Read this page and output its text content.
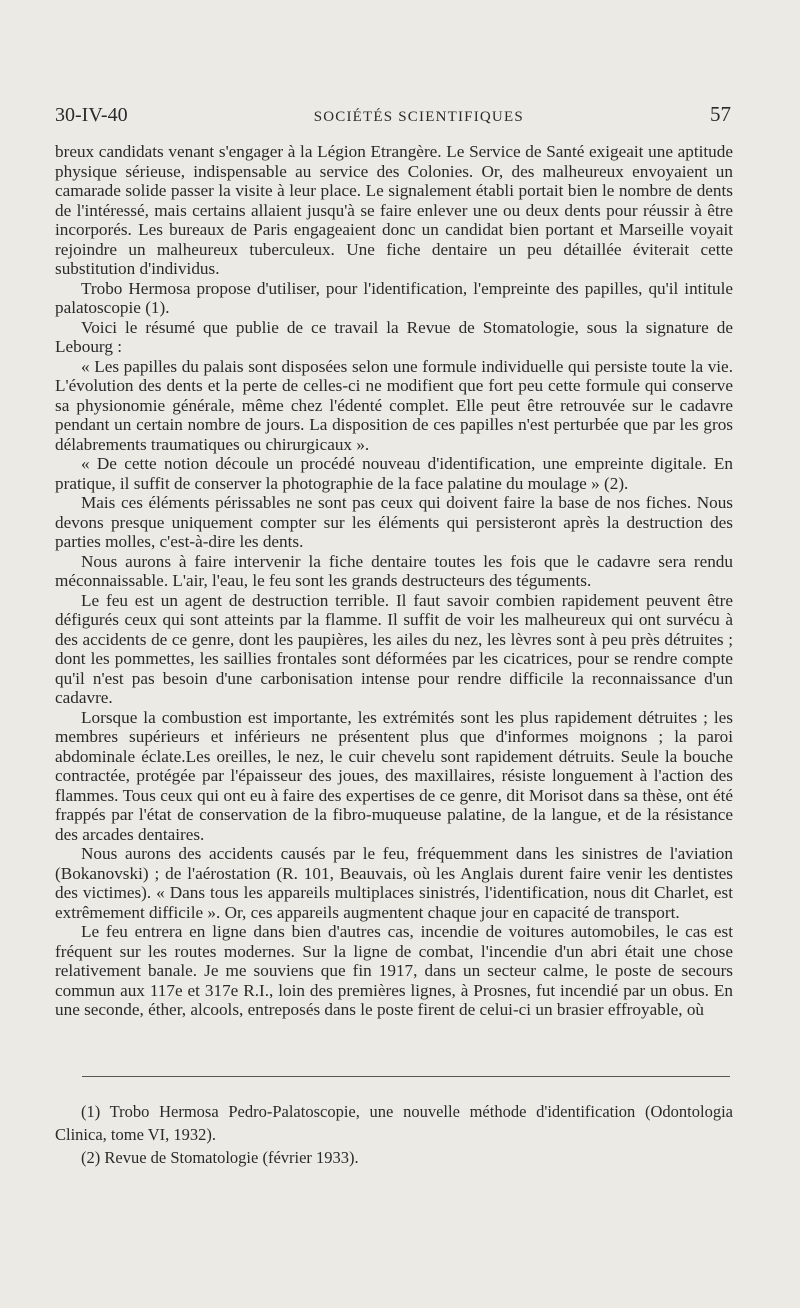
30-IV-40	SOCIÉTÉS SCIENTIFIQUES	57

breux candidats venant s'engager à la Légion Etrangère. Le Service de Santé exigeait une aptitude physique sérieuse, indispensable au service des Colonies. Or, des malheureux envoyaient un camarade solide passer la visite à leur place. Le signalement établi portait bien le nombre de dents de l'intéressé, mais certains allaient jusqu'à se faire enlever une ou deux dents pour réussir à être incorporés. Les bureaux de Paris engageaient donc un candidat bien portant et Marseille voyait rejoindre un malheureux tuberculeux. Une fiche dentaire un peu détaillée éviterait cette substitution d'individus.

Trobo Hermosa propose d'utiliser, pour l'identification, l'empreinte des papilles, qu'il intitule palatoscopie (1).

Voici le résumé que publie de ce travail la Revue de Stomatologie, sous la signature de Lebourg :

« Les papilles du palais sont disposées selon une formule individuelle qui persiste toute la vie. L'évolution des dents et la perte de celles-ci ne modifient que fort peu cette formule qui conserve sa physionomie générale, même chez l'édenté complet. Elle peut être retrouvée sur le cadavre pendant un certain nombre de jours. La disposition de ces papilles n'est perturbée que par les gros délabrements traumatiques ou chirurgicaux ».

« De cette notion découle un procédé nouveau d'identification, une empreinte digitale. En pratique, il suffit de conserver la photographie de la face palatine du moulage » (2).

Mais ces éléments périssables ne sont pas ceux qui doivent faire la base de nos fiches. Nous devons presque uniquement compter sur les éléments qui persisteront après la destruction des parties molles, c'est-à-dire les dents.

Nous aurons à faire intervenir la fiche dentaire toutes les fois que le cadavre sera rendu méconnaissable. L'air, l'eau, le feu sont les grands destructeurs des téguments.

Le feu est un agent de destruction terrible. Il faut savoir combien rapidement peuvent être défigurés ceux qui sont atteints par la flamme. Il suffit de voir les malheureux qui ont survécu à des accidents de ce genre, dont les paupières, les ailes du nez, les lèvres sont à peu près détruites ; dont les pommettes, les saillies frontales sont déformées par les cicatrices, pour se rendre compte qu'il n'est pas besoin d'une carbonisation intense pour rendre difficile la reconnaissance d'un cadavre.

Lorsque la combustion est importante, les extrémités sont les plus rapidement détruites ; les membres supérieurs et inférieurs ne présentent plus que d'informes moignons ; la paroi abdominale éclate.Les oreilles, le nez, le cuir chevelu sont rapidement détruits. Seule la bouche contractée, protégée par l'épaisseur des joues, des maxillaires, résiste longuement à l'action des flammes. Tous ceux qui ont eu à faire des expertises de ce genre, dit Morisot dans sa thèse, ont été frappés par l'état de conservation de la fibro-muqueuse palatine, de la langue, et de la résistance des arcades dentaires.

Nous aurons des accidents causés par le feu, fréquemment dans les sinistres de l'aviation (Bokanovski) ; de l'aérostation (R. 101, Beauvais, où les Anglais durent faire venir les dentistes des victimes). « Dans tous les appareils multiplaces sinistrés, l'identification, nous dit Charlet, est extrêmement difficile ». Or, ces appareils augmentent chaque jour en capacité de transport.

Le feu entrera en ligne dans bien d'autres cas, incendie de voitures automobiles, le cas est fréquent sur les routes modernes. Sur la ligne de combat, l'incendie d'un abri était une chose relativement banale. Je me souviens que fin 1917, dans un secteur calme, le poste de secours commun aux 117e et 317e R.I., loin des premières lignes, à Prosnes, fut incendié par un obus. En une seconde, éther, alcools, entreposés dans le poste firent de celui-ci un brasier effroyable, où

(1) Trobo Hermosa Pedro-Palatoscopie, une nouvelle méthode d'identification (Odontologia Clinica, tome VI, 1932).

(2) Revue de Stomatologie (février 1933).
